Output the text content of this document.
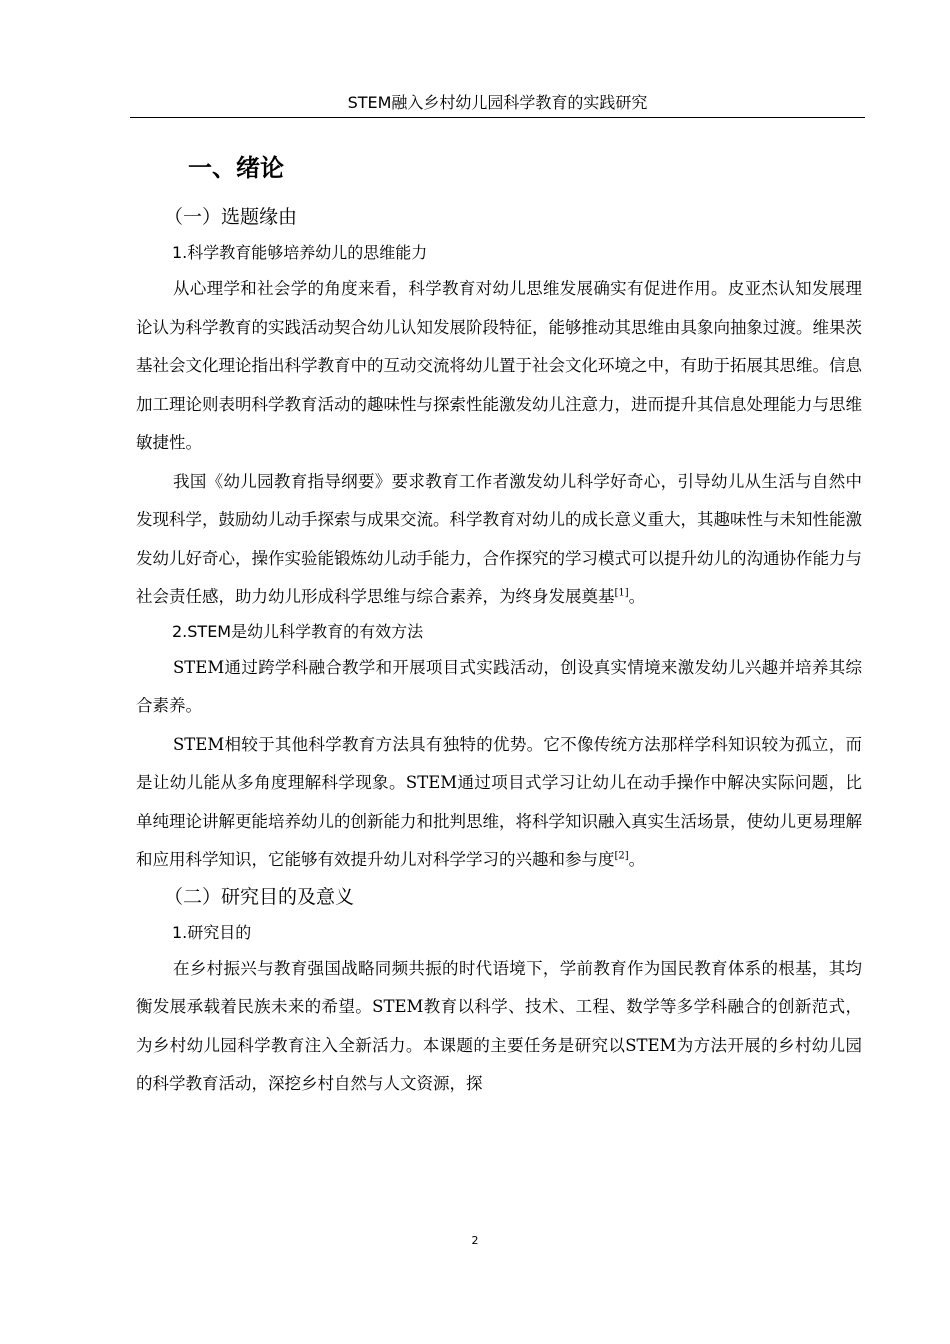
STEM融入乡村幼儿园科学教育的实践研究
一、绪论
（一）选题缘由
1.科学教育能够培养幼儿的思维能力

从心理学和社会学的角度来看，科学教育对幼儿思维发展确实有促进作用。皮亚杰认知发展理论认为科学教育的实践活动契合幼儿认知发展阶段特征，能够推动其思维由具象向抽象过渡。维果茨基社会文化理论指出科学教育中的互动交流将幼儿置于社会文化环境之中，有助于拓展其思维。信息加工理论则表明科学教育活动的趣味性与探索性能激发幼儿注意力，进而提升其信息处理能力与思维敏捷性。

我国《幼儿园教育指导纲要》要求教育工作者激发幼儿科学好奇心，引导幼儿从生活与自然中发现科学，鼓励幼儿动手探索与成果交流。科学教育对幼儿的成长意义重大，其趣味性与未知性能激发幼儿好奇心，操作实验能锻炼幼儿动手能力，合作探究的学习模式可以提升幼儿的沟通协作能力与社会责任感，助力幼儿形成科学思维与综合素养，为终身发展奠基[1]。

2.STEM是幼儿科学教育的有效方法

STEM通过跨学科融合教学和开展项目式实践活动，创设真实情境来激发幼儿兴趣并培养其综合素养。

STEM相较于其他科学教育方法具有独特的优势。它不像传统方法那样学科知识较为孤立，而是让幼儿能从多角度理解科学现象。STEM通过项目式学习让幼儿在动手操作中解决实际问题，比单纯理论讲解更能培养幼儿的创新能力和批判思维，将科学知识融入真实生活场景，使幼儿更易理解和应用科学知识，它能够有效提升幼儿对科学学习的兴趣和参与度[2]。

（二）研究目的及意义
1.研究目的

在乡村振兴与教育强国战略同频共振的时代语境下，学前教育作为国民教育体系的根基，其均衡发展承载着民族未来的希望。STEM教育以科学、技术、工程、数学等多学科融合的创新范式，为乡村幼儿园科学教育注入全新活力。本课题的主要任务是研究以STEM为方法开展的乡村幼儿园的科学教育活动，深挖乡村自然与人文资源，探

2
